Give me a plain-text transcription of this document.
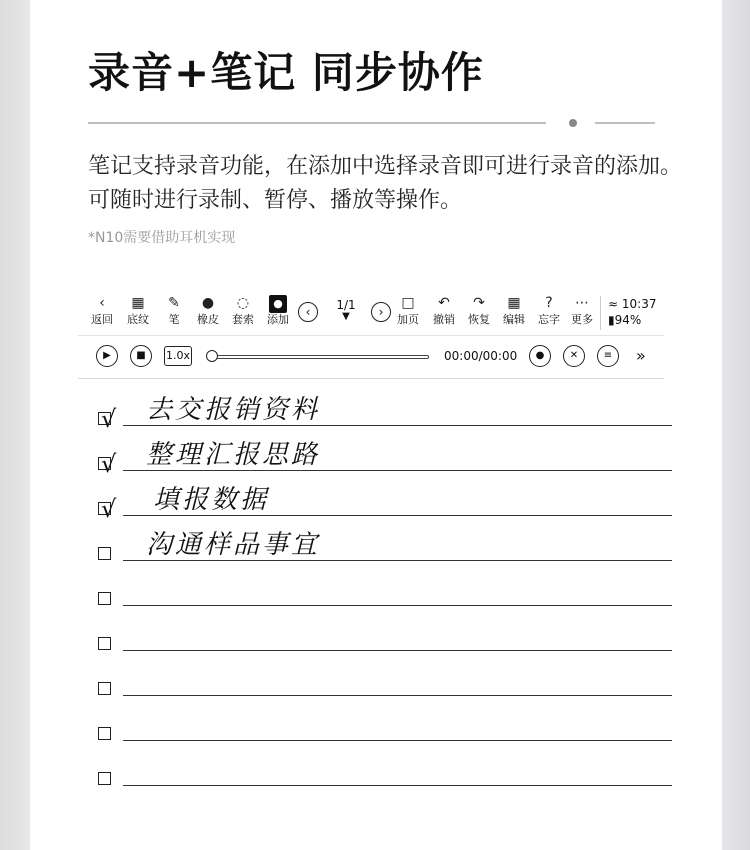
录音+笔记 同步协作
笔记支持录音功能，在添加中选择录音即可进行录音的添加。可随时进行录制、暂停、播放等操作。
*N10需要借助耳机实现
‹
返回
▦
底纹
✎
笔
●
橡皮
◌
套索
●
添加
‹	1/1
▼	›
□
加页
↶
撤销
↷
恢复
▦
编辑
?
忘字
⋯
更多
≈ 10:37
▮94%
▶	■	1.0x	00:00/00:00	●	✕	≡	»
√ 去交报销资料
√ 整理汇报思路
√ 填报数据
沟通样品事宜
